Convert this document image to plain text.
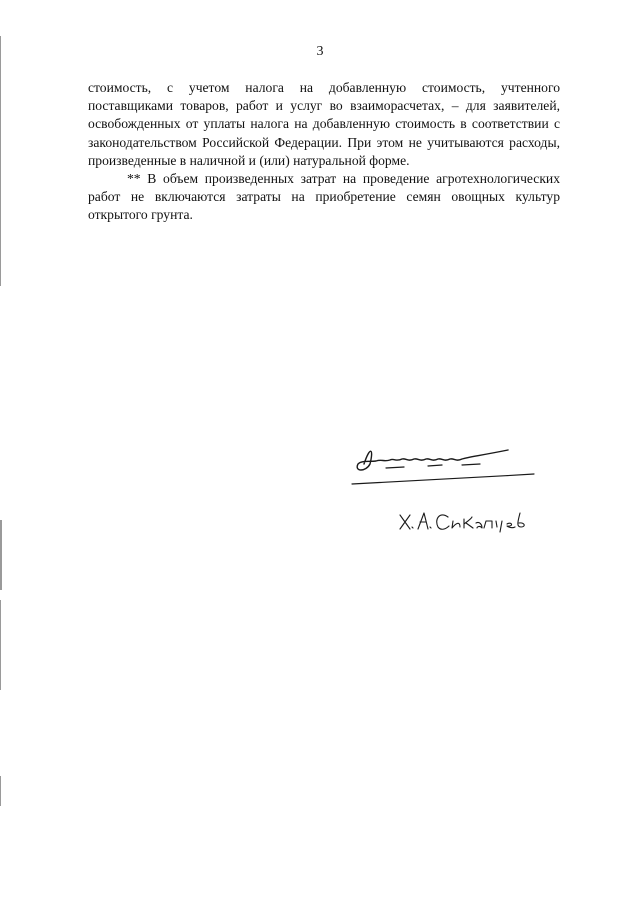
3

стоимость, с учетом налога на добавленную стоимость, учтенного поставщиками товаров, работ и услуг во взаиморасчетах, – для заявителей, освобожденных от уплаты налога на добавленную стоимость в соответствии с законодательством Российской Федерации. При этом не учитываются расходы, произведенные в наличной и (или) натуральной форме.

** В объем произведенных затрат на проведение агротехнологических работ не включаются затраты на приобретение семян овощных культур открытого грунта.
